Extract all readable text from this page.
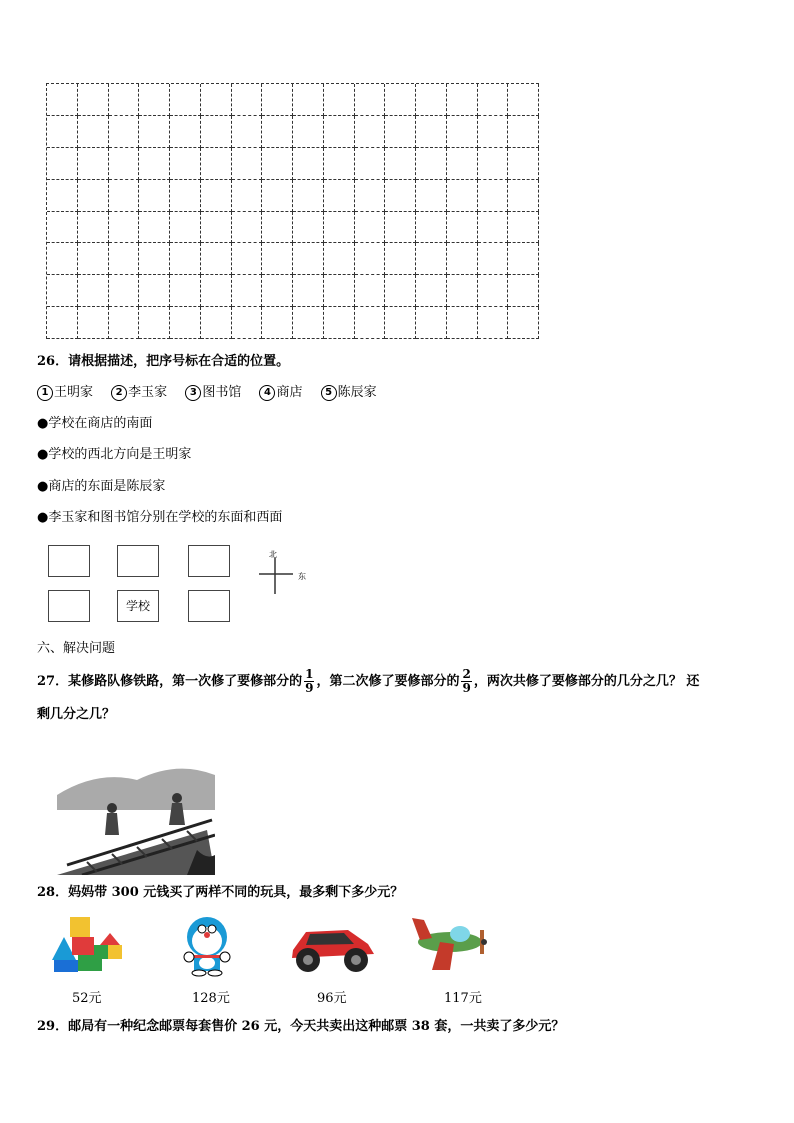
26．请根据描述，把序号标在合适的位置。
1 王明家 2 李玉家 3 图书馆 4 商店 5 陈辰家
●学校在商店的南面
●学校的西北方向是王明家
●商店的东面是陈辰家
●李玉家和图书馆分别在学校的东面和西面
学校
北
东
六、解决问题
27．某修路队修铁路，第一次修了要修部分的 $\frac{1}{9}$ ，第二次修了要修部分的 $\frac{2}{9}$ ，两次共修了要修部分的几分之几？ 还
剩几分之几？
28．妈妈带 300 元钱买了两样不同的玩具，最多剩下多少元？
52元	128元	96元	117元
29．邮局有一种纪念邮票每套售价 26 元，今天共卖出这种邮票 38 套，一共卖了多少元？
